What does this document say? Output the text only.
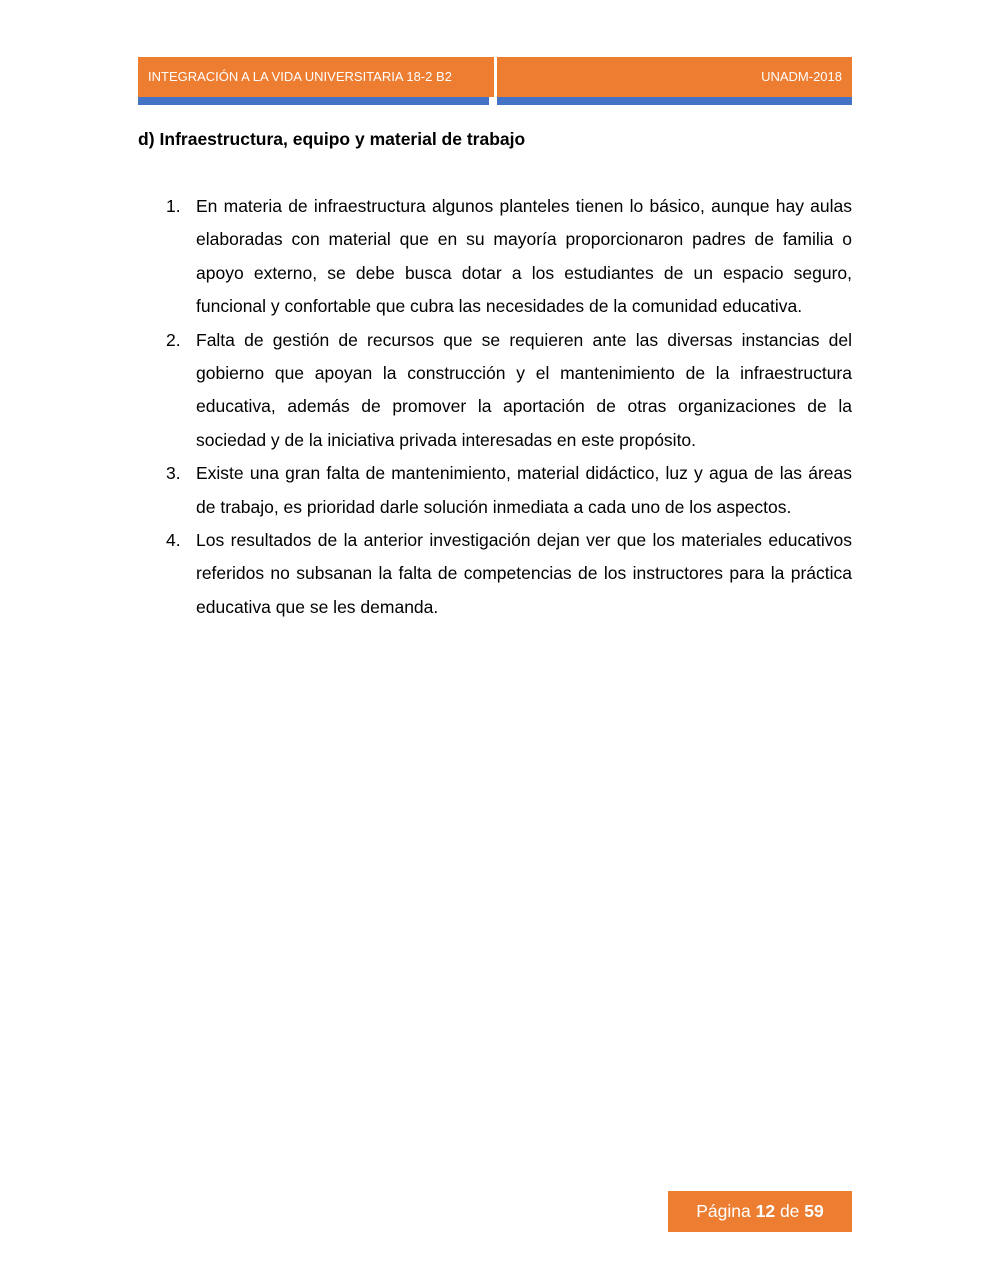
INTEGRACIÓN A LA VIDA UNIVERSITARIA 18-2 B2	UNADM-2018
d) Infraestructura, equipo y material de trabajo
1. En materia de infraestructura algunos planteles tienen lo básico, aunque hay aulas elaboradas con material que en su mayoría proporcionaron padres de familia o apoyo externo, se debe busca dotar a los estudiantes de un espacio seguro, funcional y confortable que cubra las necesidades de la comunidad educativa.
2. Falta de gestión de recursos que se requieren ante las diversas instancias del gobierno que apoyan la construcción y el mantenimiento de la infraestructura educativa, además de promover la aportación de otras organizaciones de la sociedad y de la iniciativa privada interesadas en este propósito.
3. Existe una gran falta de mantenimiento, material didáctico, luz y agua de las áreas de trabajo, es prioridad darle solución inmediata a cada uno de los aspectos.
4. Los resultados de la anterior investigación dejan ver que los materiales educativos referidos no subsanan la falta de competencias de los instructores para la práctica educativa que se les demanda.
Página 12 de 59
